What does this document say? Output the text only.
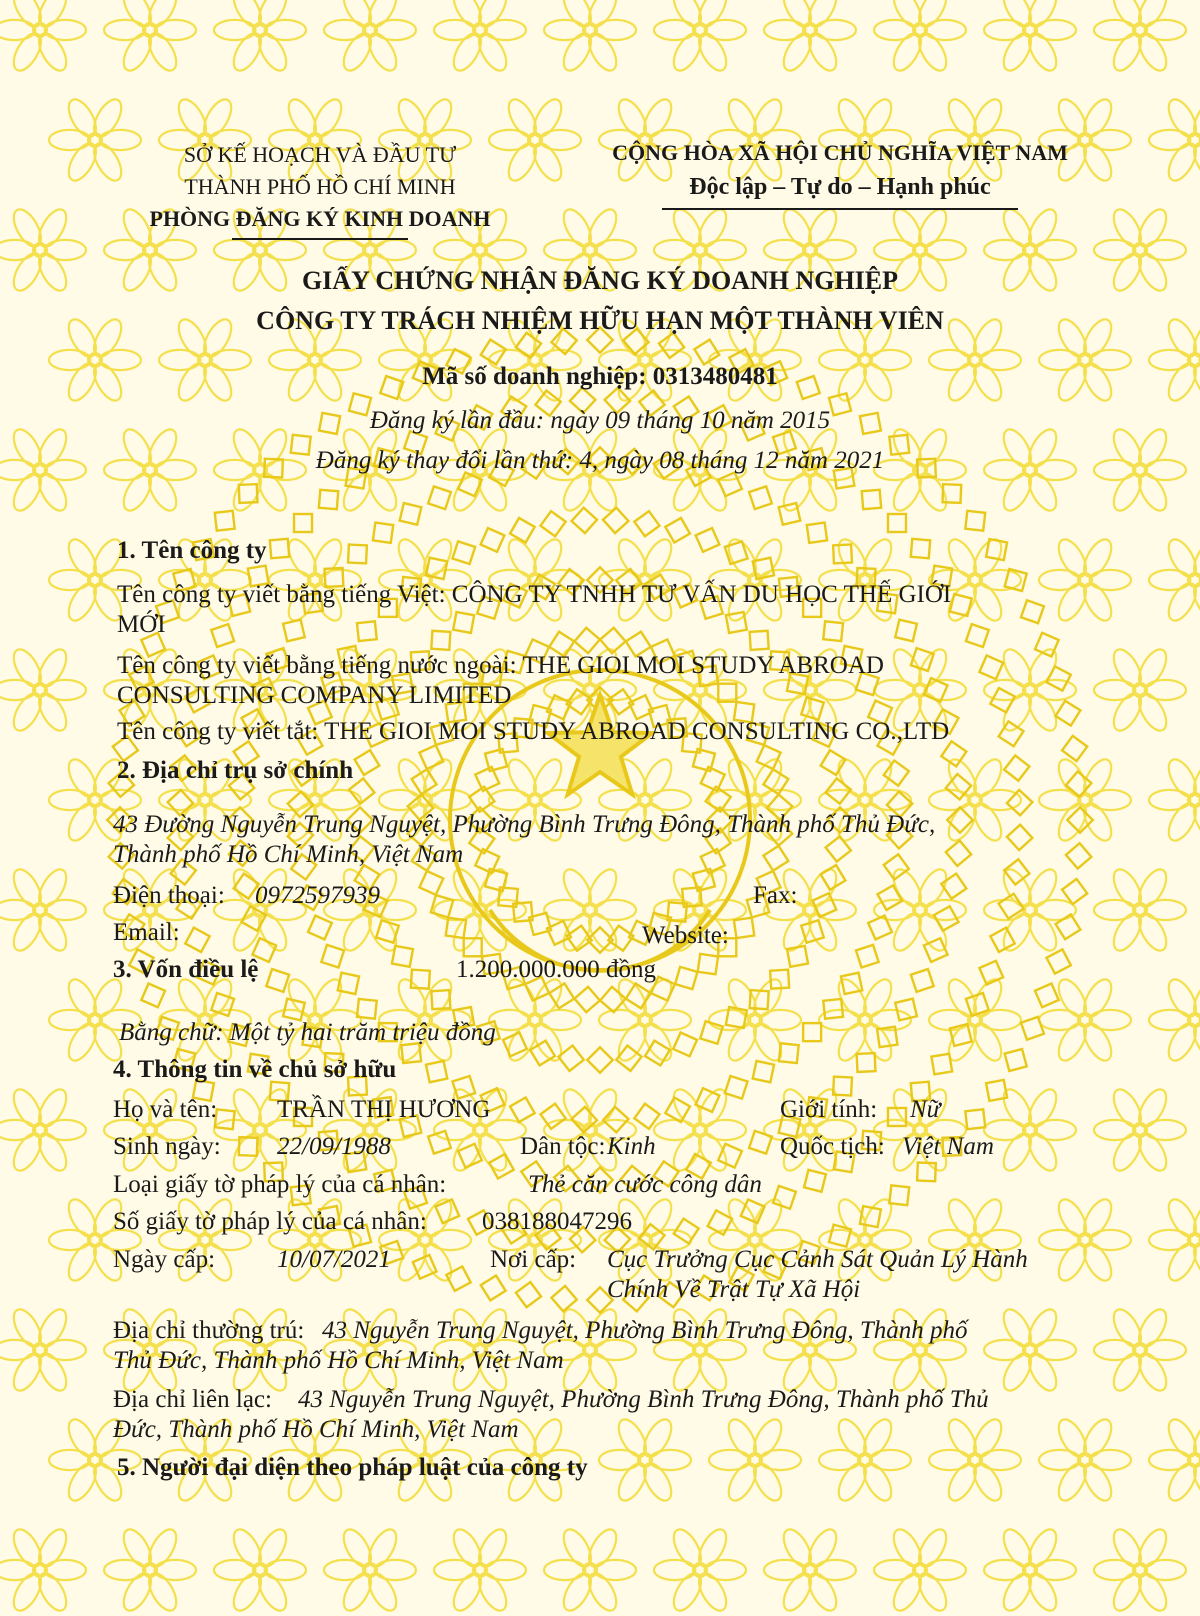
SỞ KẾ HOẠCH VÀ ĐẦU TƯ
THÀNH PHỐ HỒ CHÍ MINH
PHÒNG ĐĂNG KÝ KINH DOANH
CỘNG HÒA XÃ HỘI CHỦ NGHĨA VIỆT NAM
Độc lập – Tự do – Hạnh phúc
GIẤY CHỨNG NHẬN ĐĂNG KÝ DOANH NGHIỆP
CÔNG TY TRÁCH NHIỆM HỮU HẠN MỘT THÀNH VIÊN
Mã số doanh nghiệp: 0313480481
Đăng ký lần đầu: ngày 09 tháng 10 năm 2015
Đăng ký thay đổi lần thứ: 4, ngày 08 tháng 12 năm 2021
1. Tên công ty
Tên công ty viết bằng tiếng Việt: CÔNG TY TNHH TƯ VẤN DU HỌC THẾ GIỚI
MỚI
Tên công ty viết bằng tiếng nước ngoài: THE GIOI MOI STUDY ABROAD
CONSULTING COMPANY LIMITED
Tên công ty viết tắt: THE GIOI MOI STUDY ABROAD CONSULTING CO.,LTD
2. Địa chỉ trụ sở chính
43 Đường Nguyễn Trung Nguyệt, Phường Bình Trưng Đông, Thành phố Thủ Đức,
Thành phố Hồ Chí Minh, Việt Nam
Điện thoại: 0972597939	Fax:
Email:	Website:
3. Vốn điều lệ	1.200.000.000 đồng
Bằng chữ: Một tỷ hai trăm triệu đồng
4. Thông tin về chủ sở hữu
Họ và tên: TRẦN THỊ HƯƠNG	Giới tính: Nữ
Sinh ngày: 22/09/1988	Dân tộc: Kinh	Quốc tịch: Việt Nam
Loại giấy tờ pháp lý của cá nhân:	Thẻ căn cước công dân
Số giấy tờ pháp lý của cá nhân: 038188047296
Ngày cấp: 10/07/2021	Nơi cấp: Cục Trưởng Cục Cảnh Sát Quản Lý Hành
Chính Về Trật Tự Xã Hội
Địa chỉ thường trú: 43 Nguyễn Trung Nguyệt, Phường Bình Trưng Đông, Thành phố
Thủ Đức, Thành phố Hồ Chí Minh, Việt Nam
Địa chỉ liên lạc: 43 Nguyễn Trung Nguyệt, Phường Bình Trưng Đông, Thành phố Thủ
Đức, Thành phố Hồ Chí Minh, Việt Nam
5. Người đại diện theo pháp luật của công ty
